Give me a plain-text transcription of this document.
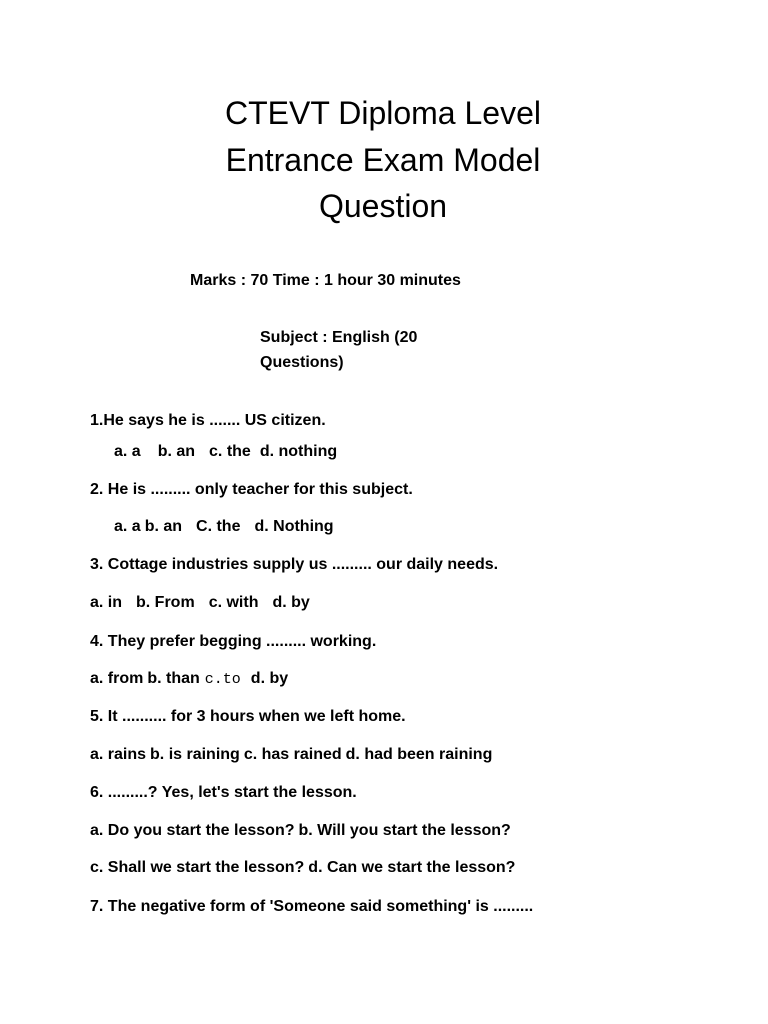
CTEVT Diploma Level
Entrance Exam Model
Question
Marks : 70 Time : 1 hour 30 minutes
Subject : English (20
Questions)
1.He says he is ....... US citizen.
a. a b. an c. the d. nothing
2. He is ......... only teacher for this subject.
a. a b. an C. the d. Nothing
3. Cottage industries supply us ......... our daily needs.
a. in b. From c. with d. by
4. They prefer begging ......... working.
a. from b. than c.to d. by
5. It .......... for 3 hours when we left home.
a. rains b. is raining c. has rained d. had been raining
6. .........? Yes, let's start the lesson.
a. Do you start the lesson? b. Will you start the lesson?
c. Shall we start the lesson? d. Can we start the lesson?
7. The negative form of 'Someone said something' is .........
